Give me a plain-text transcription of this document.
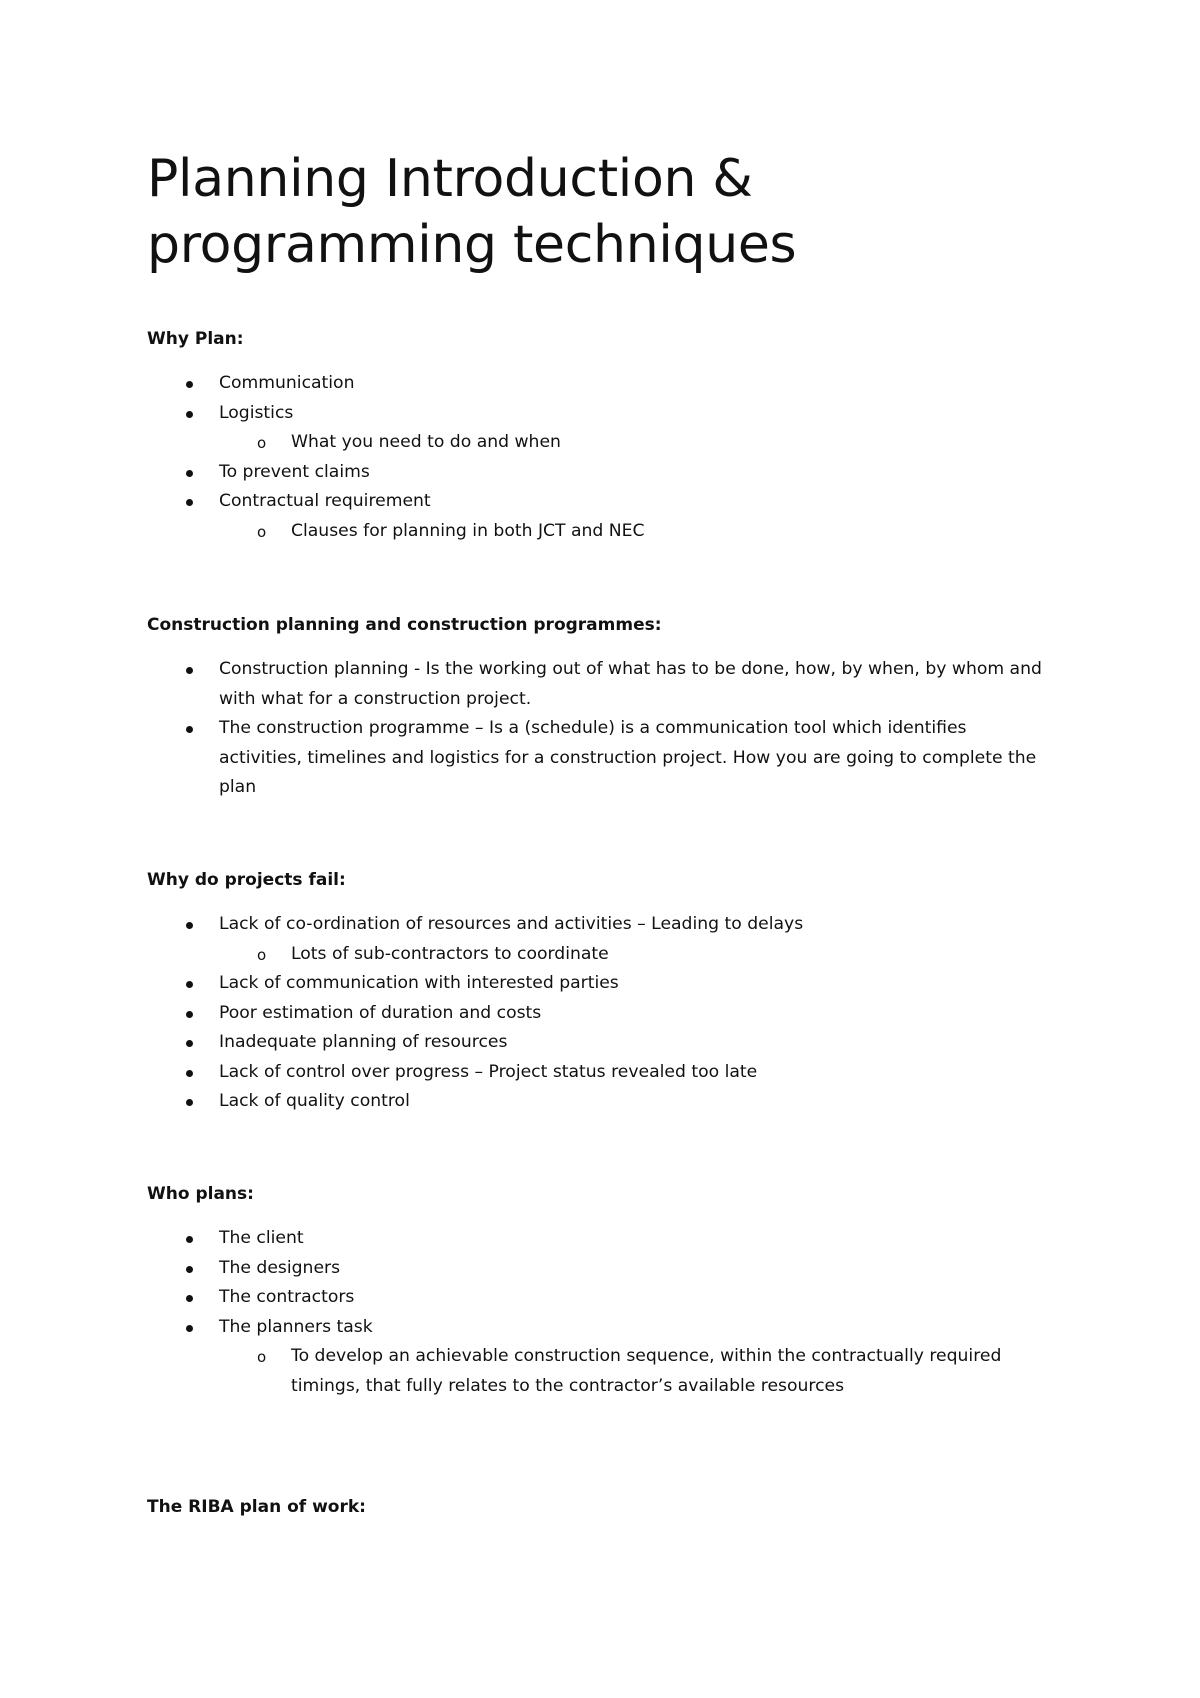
Planning Introduction & programming techniques
Why Plan:
Communication
Logistics
o What you need to do and when
To prevent claims
Contractual requirement
o Clauses for planning in both JCT and NEC
Construction planning and construction programmes:
Construction planning - Is the working out of what has to be done, how, by when, by whom and with what for a construction project.
The construction programme – Is a (schedule) is a communication tool which identifies activities, timelines and logistics for a construction project. How you are going to complete the plan
Why do projects fail:
Lack of co-ordination of resources and activities – Leading to delays
o Lots of sub-contractors to coordinate
Lack of communication with interested parties
Poor estimation of duration and costs
Inadequate planning of resources
Lack of control over progress – Project status revealed too late
Lack of quality control
Who plans:
The client
The designers
The contractors
The planners task
o To develop an achievable construction sequence, within the contractually required timings, that fully relates to the contractor’s available resources
The RIBA plan of work:
